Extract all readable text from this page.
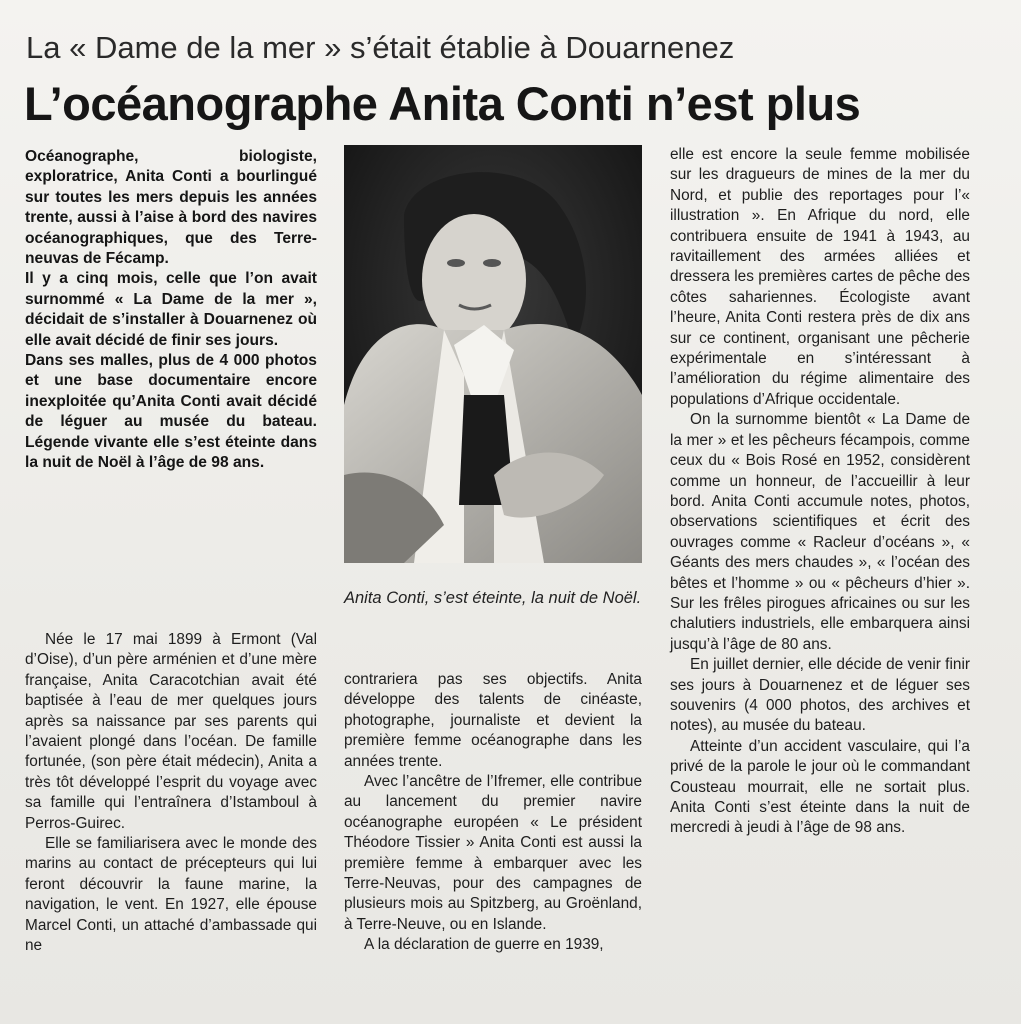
La « Dame de la mer » s’était établie à Douarnenez
L’océanographe Anita Conti n’est plus

Océanographe, biologiste, exploratrice, Anita Conti a bourlingué sur toutes les mers depuis les années trente, aussi à l’aise à bord des navires océanographiques, que des Terre-neuvas de Fécamp.

Il y a cinq mois, celle que l’on avait surnommé « La Dame de la mer », décidait de s’installer à Douarnenez où elle avait décidé de finir ses jours.

Dans ses malles, plus de 4 000 photos et une base documentaire encore inexploitée qu’Anita Conti avait décidé de léguer au musée du bateau. Légende vivante elle s’est éteinte dans la nuit de Noël à l’âge de 98 ans.

Anita Conti, s’est éteinte, la nuit de Noël.

Née le 17 mai 1899 à Ermont (Val d’Oise), d’un père arménien et d’une mère française, Anita Caracotchian avait été baptisée à l’eau de mer quelques jours après sa naissance par ses parents qui l’avaient plongé dans l’océan. De famille fortunée, (son père était médecin), Anita a très tôt développé l’esprit du voyage avec sa famille qui l’entraînera d’Istamboul à Perros-Guirec.

Elle se familiarisera avec le monde des marins au contact de précepteurs qui lui feront découvrir la faune marine, la navigation, le vent. En 1927, elle épouse Marcel Conti, un attaché d’ambassade qui ne

contrariera pas ses objectifs. Anita développe des talents de cinéaste, photographe, journaliste et devient la première femme océanographe dans les années trente.

Avec l’ancêtre de l’Ifremer, elle contribue au lancement du premier navire océanographe européen « Le président Théodore Tissier » Anita Conti est aussi la première femme à embarquer avec les Terre-Neuvas, pour des campagnes de plusieurs mois au Spitzberg, au Groënland, à Terre-Neuve, ou en Islande.

A la déclaration de guerre en 1939,

elle est encore la seule femme mobilisée sur les dragueurs de mines de la mer du Nord, et publie des reportages pour l’« illustration ». En Afrique du nord, elle contribuera ensuite de 1941 à 1943, au ravitaillement des armées alliées et dressera les premières cartes de pêche des côtes sahariennes. Écologiste avant l’heure, Anita Conti restera près de dix ans sur ce continent, organisant une pêcherie expérimentale en s’intéressant à l’amélioration du régime alimentaire des populations d’Afrique occidentale.

On la surnomme bientôt « La Dame de la mer » et les pêcheurs fécampois, comme ceux du « Bois Rosé en 1952, considèrent comme un honneur, de l’accueillir à leur bord. Anita Conti accumule notes, photos, observations scientifiques et écrit des ouvrages comme « Racleur d’océans », « Géants des mers chaudes », « l’océan des bêtes et l’homme » ou « pêcheurs d’hier ». Sur les frêles pirogues africaines ou sur les chalutiers industriels, elle embarquera ainsi jusqu’à l’âge de 80 ans.

En juillet dernier, elle décide de venir finir ses jours à Douarnenez et de léguer ses souvenirs (4 000 photos, des archives et notes), au musée du bateau.

Atteinte d’un accident vasculaire, qui l’a privé de la parole le jour où le commandant Cousteau mourrait, elle ne sortait plus. Anita Conti s’est éteinte dans la nuit de mercredi à jeudi à l’âge de 98 ans.
